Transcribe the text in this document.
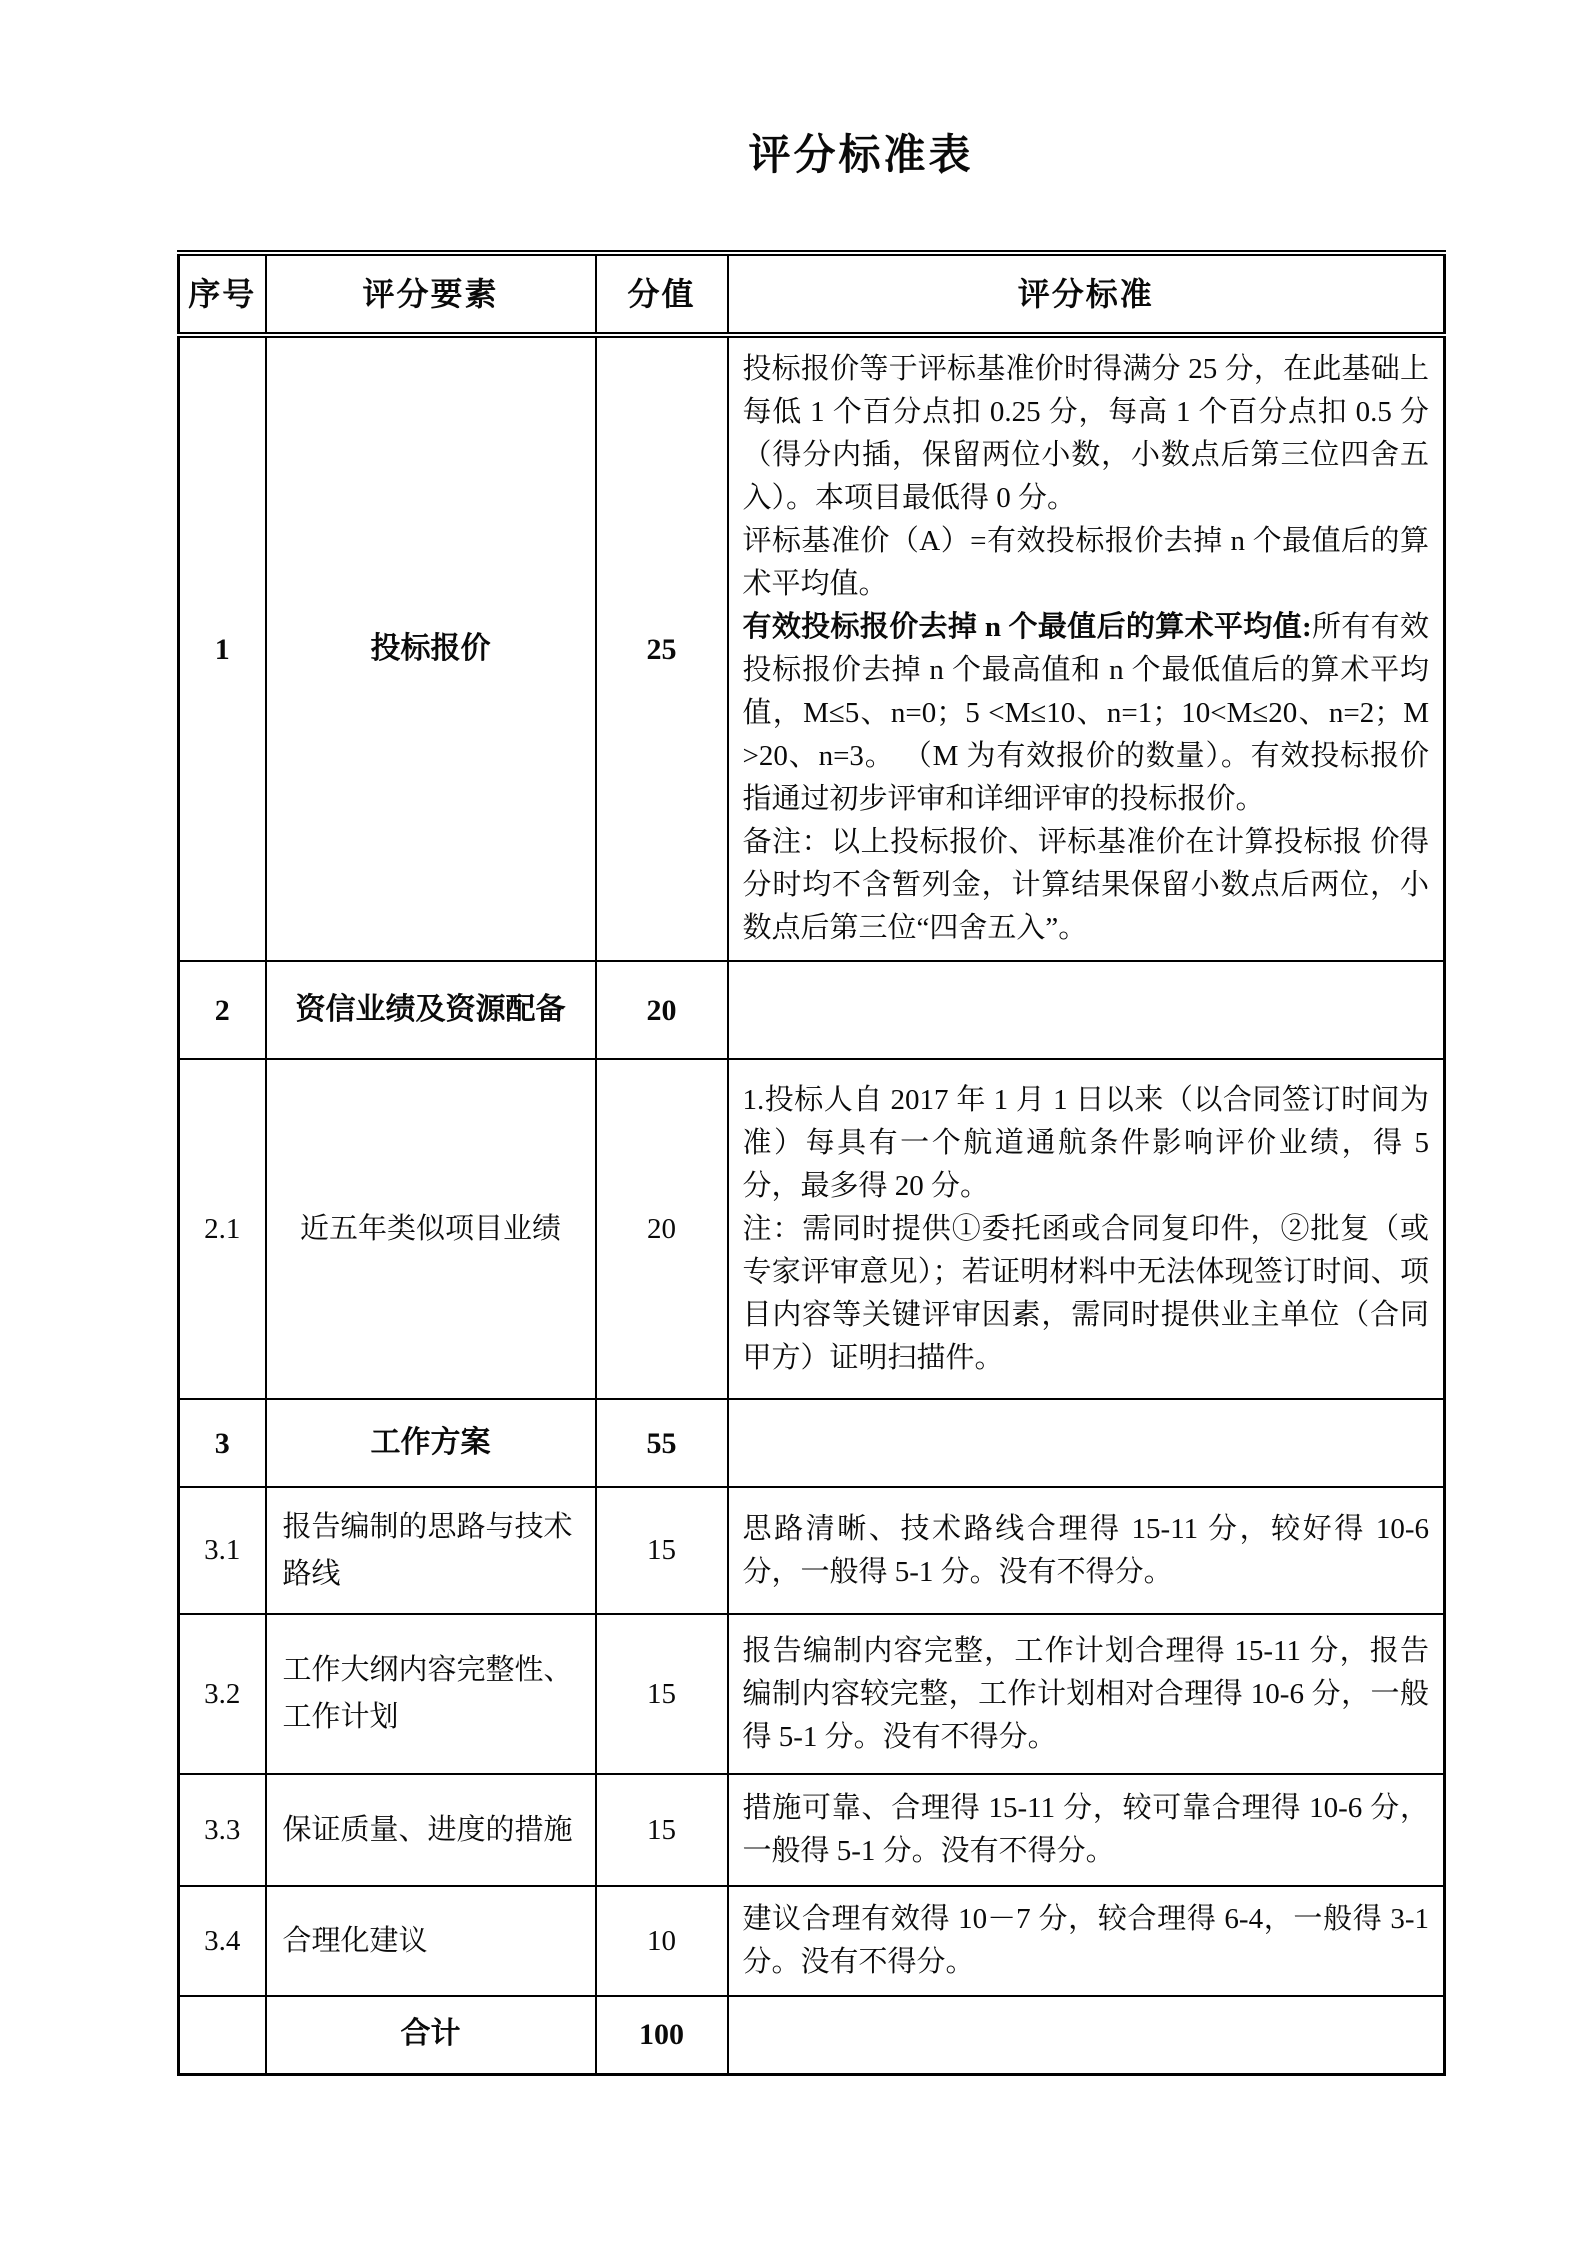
评分标准表
序号	评分要素	分值	评分标准
1	投标报价	25	投标报价等于评标基准价时得满分 25 分，在此基础上每低 1 个百分点扣 0.25 分，每高 1 个百分点扣 0.5 分（得分内插，保留两位小数，小数点后第三位四舍五入）。本项目最低得 0 分。
评标基准价（A）=有效投标报价去掉 n 个最值后的算术平均值。
有效投标报价去掉 n 个最值后的算术平均值:所有有效投标报价去掉 n 个最高值和 n 个最低值后的算术平均值，M≤5、n=0；5 <M≤10、n=1；10<M≤20、n=2；M>20、n=3。 （M 为有效报价的数量）。有效投标报价指通过初步评审和详细评审的投标报价。
备注：以上投标报价、评标基准价在计算投标报 价得分时均不含暂列金，计算结果保留小数点后两位，小数点后第三位“四舍五入”。

2	资信业绩及资源配备	20	
2.1	近五年类似项目业绩	20	1.投标人自 2017 年 1 月 1 日以来（以合同签订时间为准）每具有一个航道通航条件影响评价业绩，得 5 分，最多得 20 分。
注：需同时提供①委托函或合同复印件，②批复（或专家评审意见）；若证明材料中无法体现签订时间、项目内容等关键评审因素，需同时提供业主单位（合同甲方）证明扫描件。

3	工作方案	55	
3.1	报告编制的思路与技术路线	15	思路清晰、技术路线合理得 15-11 分，较好得 10-6 分，一般得 5-1 分。没有不得分。

3.2	工作大纲内容完整性、工作计划	15	报告编制内容完整，工作计划合理得 15-11 分，报告编制内容较完整，工作计划相对合理得 10-6 分，一般得 5-1 分。没有不得分。

3.3	保证质量、进度的措施	15	措施可靠、合理得 15-11 分，较可靠合理得 10-6 分，一般得 5-1 分。没有不得分。

3.4	合理化建议	10	建议合理有效得 10－7 分，较合理得 6-4，一般得 3-1 分。没有不得分。

	合计	100	
